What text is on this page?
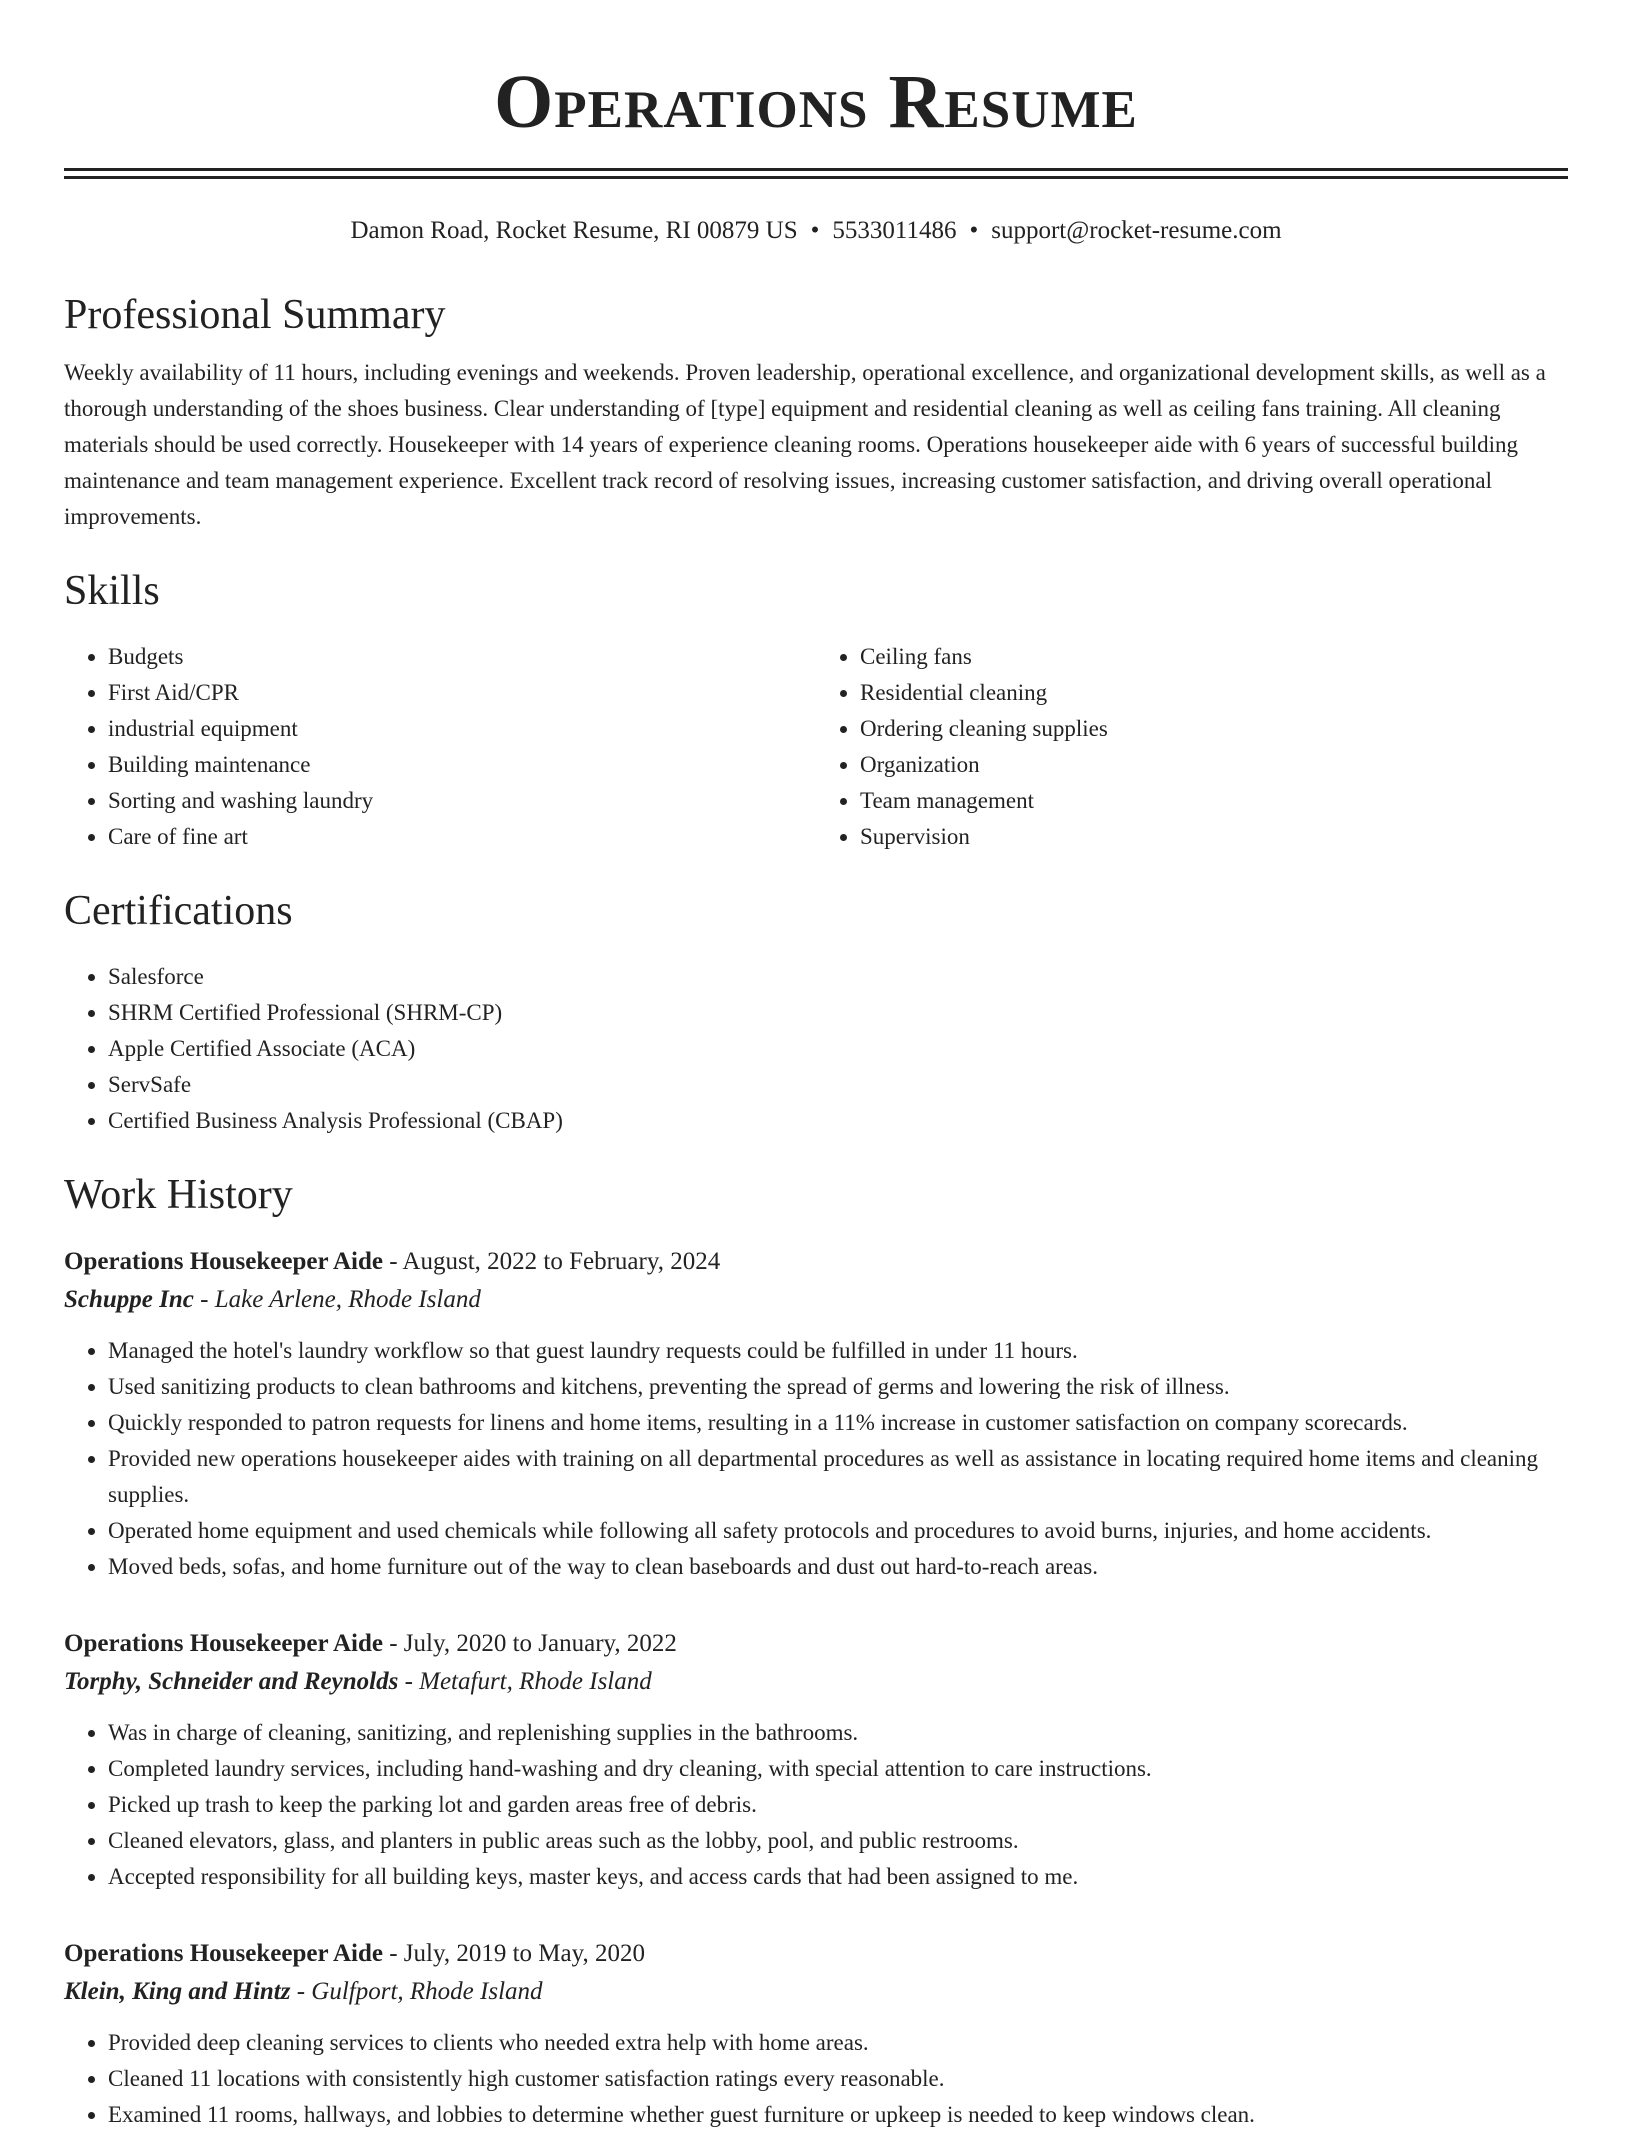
Operations Resume
Damon Road, Rocket Resume, RI 00879 US • 5533011486 • support@rocket-resume.com
Professional Summary

Weekly availability of 11 hours, including evenings and weekends. Proven leadership, operational excellence, and organizational development skills, as well as a thorough understanding of the shoes business. Clear understanding of [type] equipment and residential cleaning as well as ceiling fans training. All cleaning materials should be used correctly. Housekeeper with 14 years of experience cleaning rooms. Operations housekeeper aide with 6 years of successful building maintenance and team management experience. Excellent track record of resolving issues, increasing customer satisfaction, and driving overall operational improvements.

Skills
• Budgets
• First Aid/CPR
• industrial equipment
• Building maintenance
• Sorting and washing laundry
• Care of fine art
• Ceiling fans
• Residential cleaning
• Ordering cleaning supplies
• Organization
• Team management
• Supervision
Certifications
• Salesforce
• SHRM Certified Professional (SHRM-CP)
• Apple Certified Associate (ACA)
• ServSafe
• Certified Business Analysis Professional (CBAP)
Work History
Operations Housekeeper Aide - August, 2022 to February, 2024
Schuppe Inc - Lake Arlene, Rhode Island
• Managed the hotel's laundry workflow so that guest laundry requests could be fulfilled in under 11 hours.
• Used sanitizing products to clean bathrooms and kitchens, preventing the spread of germs and lowering the risk of illness.
• Quickly responded to patron requests for linens and home items, resulting in a 11% increase in customer satisfaction on company scorecards.
• Provided new operations housekeeper aides with training on all departmental procedures as well as assistance in locating required home items and cleaning supplies.
• Operated home equipment and used chemicals while following all safety protocols and procedures to avoid burns, injuries, and home accidents.
• Moved beds, sofas, and home furniture out of the way to clean baseboards and dust out hard-to-reach areas.
Operations Housekeeper Aide - July, 2020 to January, 2022
Torphy, Schneider and Reynolds - Metafurt, Rhode Island
• Was in charge of cleaning, sanitizing, and replenishing supplies in the bathrooms.
• Completed laundry services, including hand-washing and dry cleaning, with special attention to care instructions.
• Picked up trash to keep the parking lot and garden areas free of debris.
• Cleaned elevators, glass, and planters in public areas such as the lobby, pool, and public restrooms.
• Accepted responsibility for all building keys, master keys, and access cards that had been assigned to me.
Operations Housekeeper Aide - July, 2019 to May, 2020
Klein, King and Hintz - Gulfport, Rhode Island
• Provided deep cleaning services to clients who needed extra help with home areas.
• Cleaned 11 locations with consistently high customer satisfaction ratings every reasonable.
• Examined 11 rooms, hallways, and lobbies to determine whether guest furniture or upkeep is needed to keep windows clean.
